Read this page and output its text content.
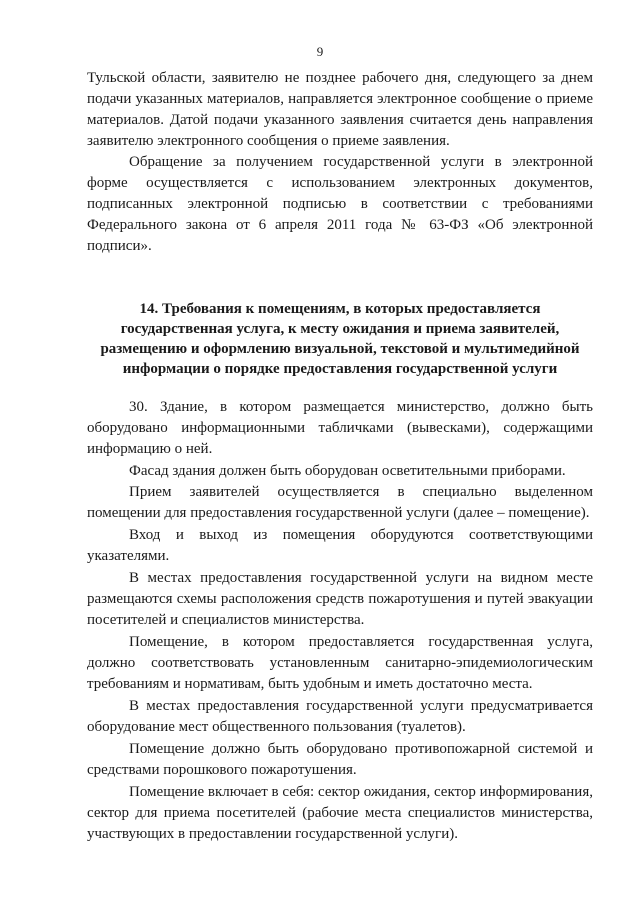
9

Тульской области, заявителю не позднее рабочего дня, следующего за днем подачи указанных материалов, направляется электронное сообщение о приеме материалов. Датой подачи указанного заявления считается день направления заявителю электронного сообщения о приеме заявления.

Обращение за получением государственной услуги в электронной форме осуществляется с использованием электронных документов, подписанных электронной подписью в соответствии с требованиями Федерального закона от 6 апреля 2011 года № 63-ФЗ «Об электронной подписи».

14. Требования к помещениям, в которых предоставляется государственная услуга, к месту ожидания и приема заявителей, размещению и оформлению визуальной, текстовой и мультимедийной информации о порядке предоставления государственной услуги

30. Здание, в котором размещается министерство, должно быть оборудовано информационными табличками (вывесками), содержащими информацию о ней.

Фасад здания должен быть оборудован осветительными приборами.

Прием заявителей осуществляется в специально выделенном помещении для предоставления государственной услуги (далее – помещение).

Вход и выход из помещения оборудуются соответствующими указателями.

В местах предоставления государственной услуги на видном месте размещаются схемы расположения средств пожаротушения и путей эвакуации посетителей и специалистов министерства.

Помещение, в котором предоставляется государственная услуга, должно соответствовать установленным санитарно-эпидемиологическим требованиям и нормативам, быть удобным и иметь достаточно места.

В местах предоставления государственной услуги предусматривается оборудование мест общественного пользования (туалетов).

Помещение должно быть оборудовано противопожарной системой и средствами порошкового пожаротушения.

Помещение включает в себя: сектор ожидания, сектор информирования, сектор для приема посетителей (рабочие места специалистов министерства, участвующих в предоставлении государственной услуги).
